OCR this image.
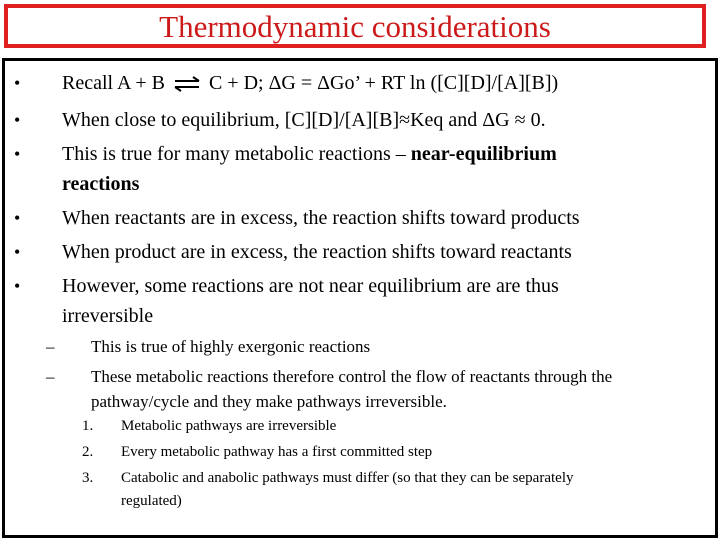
Thermodynamic considerations
• Recall A + B ⇌ C + D; ΔG = ΔGo’ + RT ln ([C][D]/[A][B])
• When close to equilibrium, [C][D]/[A][B]≈Keq and ΔG ≈ 0.
• This is true for many metabolic reactions – near-equilibrium
reactions
• When reactants are in excess, the reaction shifts toward products
• When product are in excess, the reaction shifts toward reactants
• However, some reactions are not near equilibrium are are thus
irreversible
– This is true of highly exergonic reactions
– These metabolic reactions therefore control the flow of reactants through the
pathway/cycle and they make pathways irreversible.
1. Metabolic pathways are irreversible
2. Every metabolic pathway has a first committed step
3. Catabolic and anabolic pathways must differ (so that they can be separately
regulated)
